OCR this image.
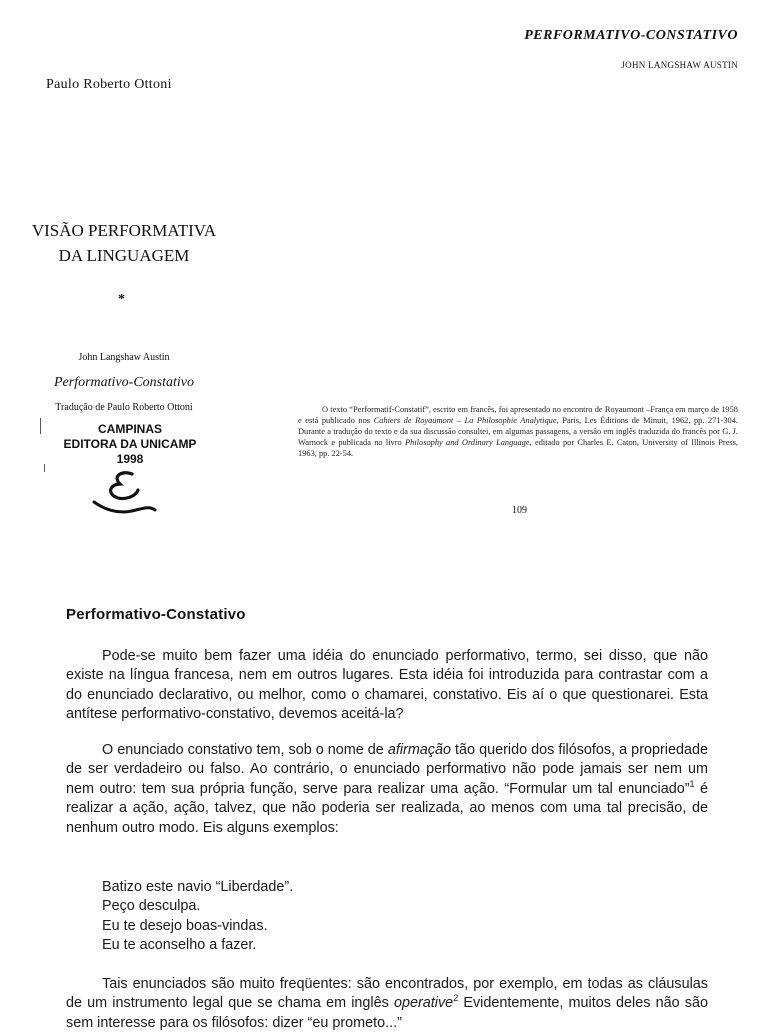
PERFORMATIVO-CONSTATIVO
JOHN LANGSHAW AUSTIN
Paulo Roberto Ottoni
VISÃO PERFORMATIVA
DA LINGUAGEM
*
John Langshaw Austin
Performativo-Constativo
Tradução de Paulo Roberto Ottoni
CAMPINAS
EDITORA DA UNICAMP
1998
O texto “Performatif-Constatif”, escrito em francês, foi apresentado no encontro de Royaumont –França em março de 1958 e está publicado nos Cahiers de Royaumont – La Philosophie Analytique, Paris, Les Éditions de Minuit, 1962, pp. 271-304. Durante a tradução do texto e da sua discussão consultei, em algumas passagens, a versão em inglês traduzida do francês por G. J. Warnock e publicada no livro Philosophy and Ordinary Language, editado por Charles E. Caton, University of Illinois Press, 1963, pp. 22-54.
109
Performativo-Constativo

Pode-se muito bem fazer uma idéia do enunciado performativo, termo, sei disso, que não existe na língua francesa, nem em outros lugares. Esta idéia foi introduzida para contrastar com a do enunciado declarativo, ou melhor, como o chamarei, constativo. Eis aí o que questionarei. Esta antítese performativo-constativo, devemos aceitá-la?

O enunciado constativo tem, sob o nome de afirmação tão querido dos filósofos, a propriedade de ser verdadeiro ou falso. Ao contrário, o enunciado performativo não pode jamais ser nem um nem outro: tem sua própria função, serve para realizar uma ação. “Formular um tal enunciado”$^1$ é realizar a ação, ação, talvez, que não poderia ser realizada, ao menos com uma tal precisão, de nenhum outro modo. Eis alguns exemplos:

Batizo este navio “Liberdade”.
Peço desculpa.
Eu te desejo boas-vindas.
Eu te aconselho a fazer.

Tais enunciados são muito freqüentes: são encontrados, por exemplo, em todas as cláusulas de um instrumento legal que se chama em inglês operative$^2$ Evidentemente, muitos deles não são sem interesse para os filósofos: dizer “eu prometo...”
